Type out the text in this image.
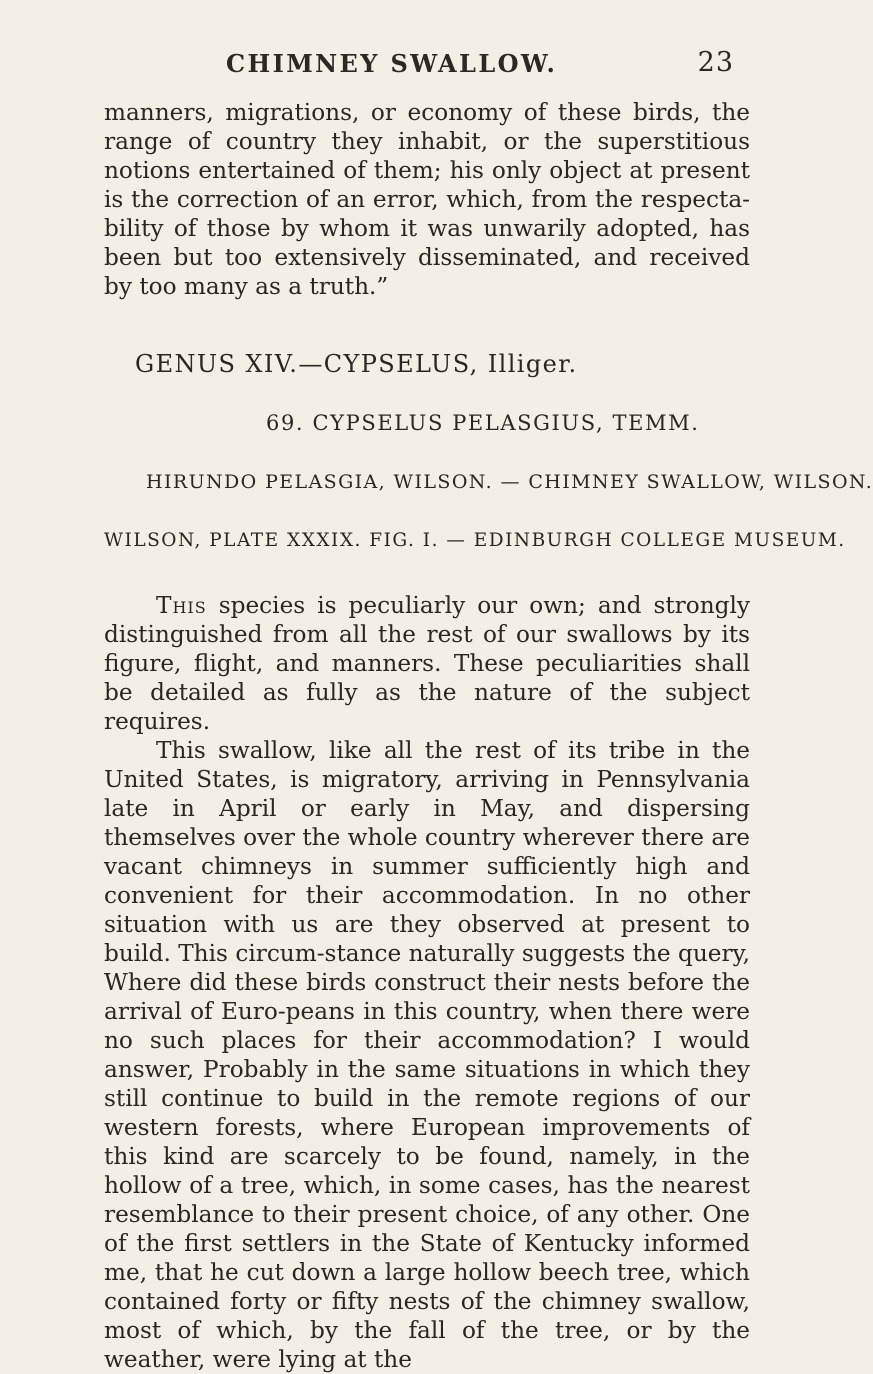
CHIMNEY SWALLOW.	23

manners, migrations, or economy of these birds, the range of country they inhabit, or the superstitious notions entertained of them; his only object at present is the correction of an error, which, from the respecta-bility of those by whom it was unwarily adopted, has been but too extensively disseminated, and received by too many as a truth.”

GENUS XIV.—CYPSELUS, Illiger.
69. CYPSELUS PELASGIUS, TEMM.
HIRUNDO PELASGIA, WILSON. — CHIMNEY SWALLOW, WILSON.
WILSON, PLATE XXXIX. FIG. I. — EDINBURGH COLLEGE MUSEUM.

This species is peculiarly our own; and strongly distinguished from all the rest of our swallows by its figure, flight, and manners. These peculiarities shall be detailed as fully as the nature of the subject requires.

This swallow, like all the rest of its tribe in the United States, is migratory, arriving in Pennsylvania late in April or early in May, and dispersing themselves over the whole country wherever there are vacant chimneys in summer sufficiently high and convenient for their accommodation. In no other situation with us are they observed at present to build. This circum-stance naturally suggests the query, Where did these birds construct their nests before the arrival of Euro-peans in this country, when there were no such places for their accommodation? I would answer, Probably in the same situations in which they still continue to build in the remote regions of our western forests, where European improvements of this kind are scarcely to be found, namely, in the hollow of a tree, which, in some cases, has the nearest resemblance to their present choice, of any other. One of the first settlers in the State of Kentucky informed me, that he cut down a large hollow beech tree, which contained forty or fifty nests of the chimney swallow, most of which, by the fall of the tree, or by the weather, were lying at the
